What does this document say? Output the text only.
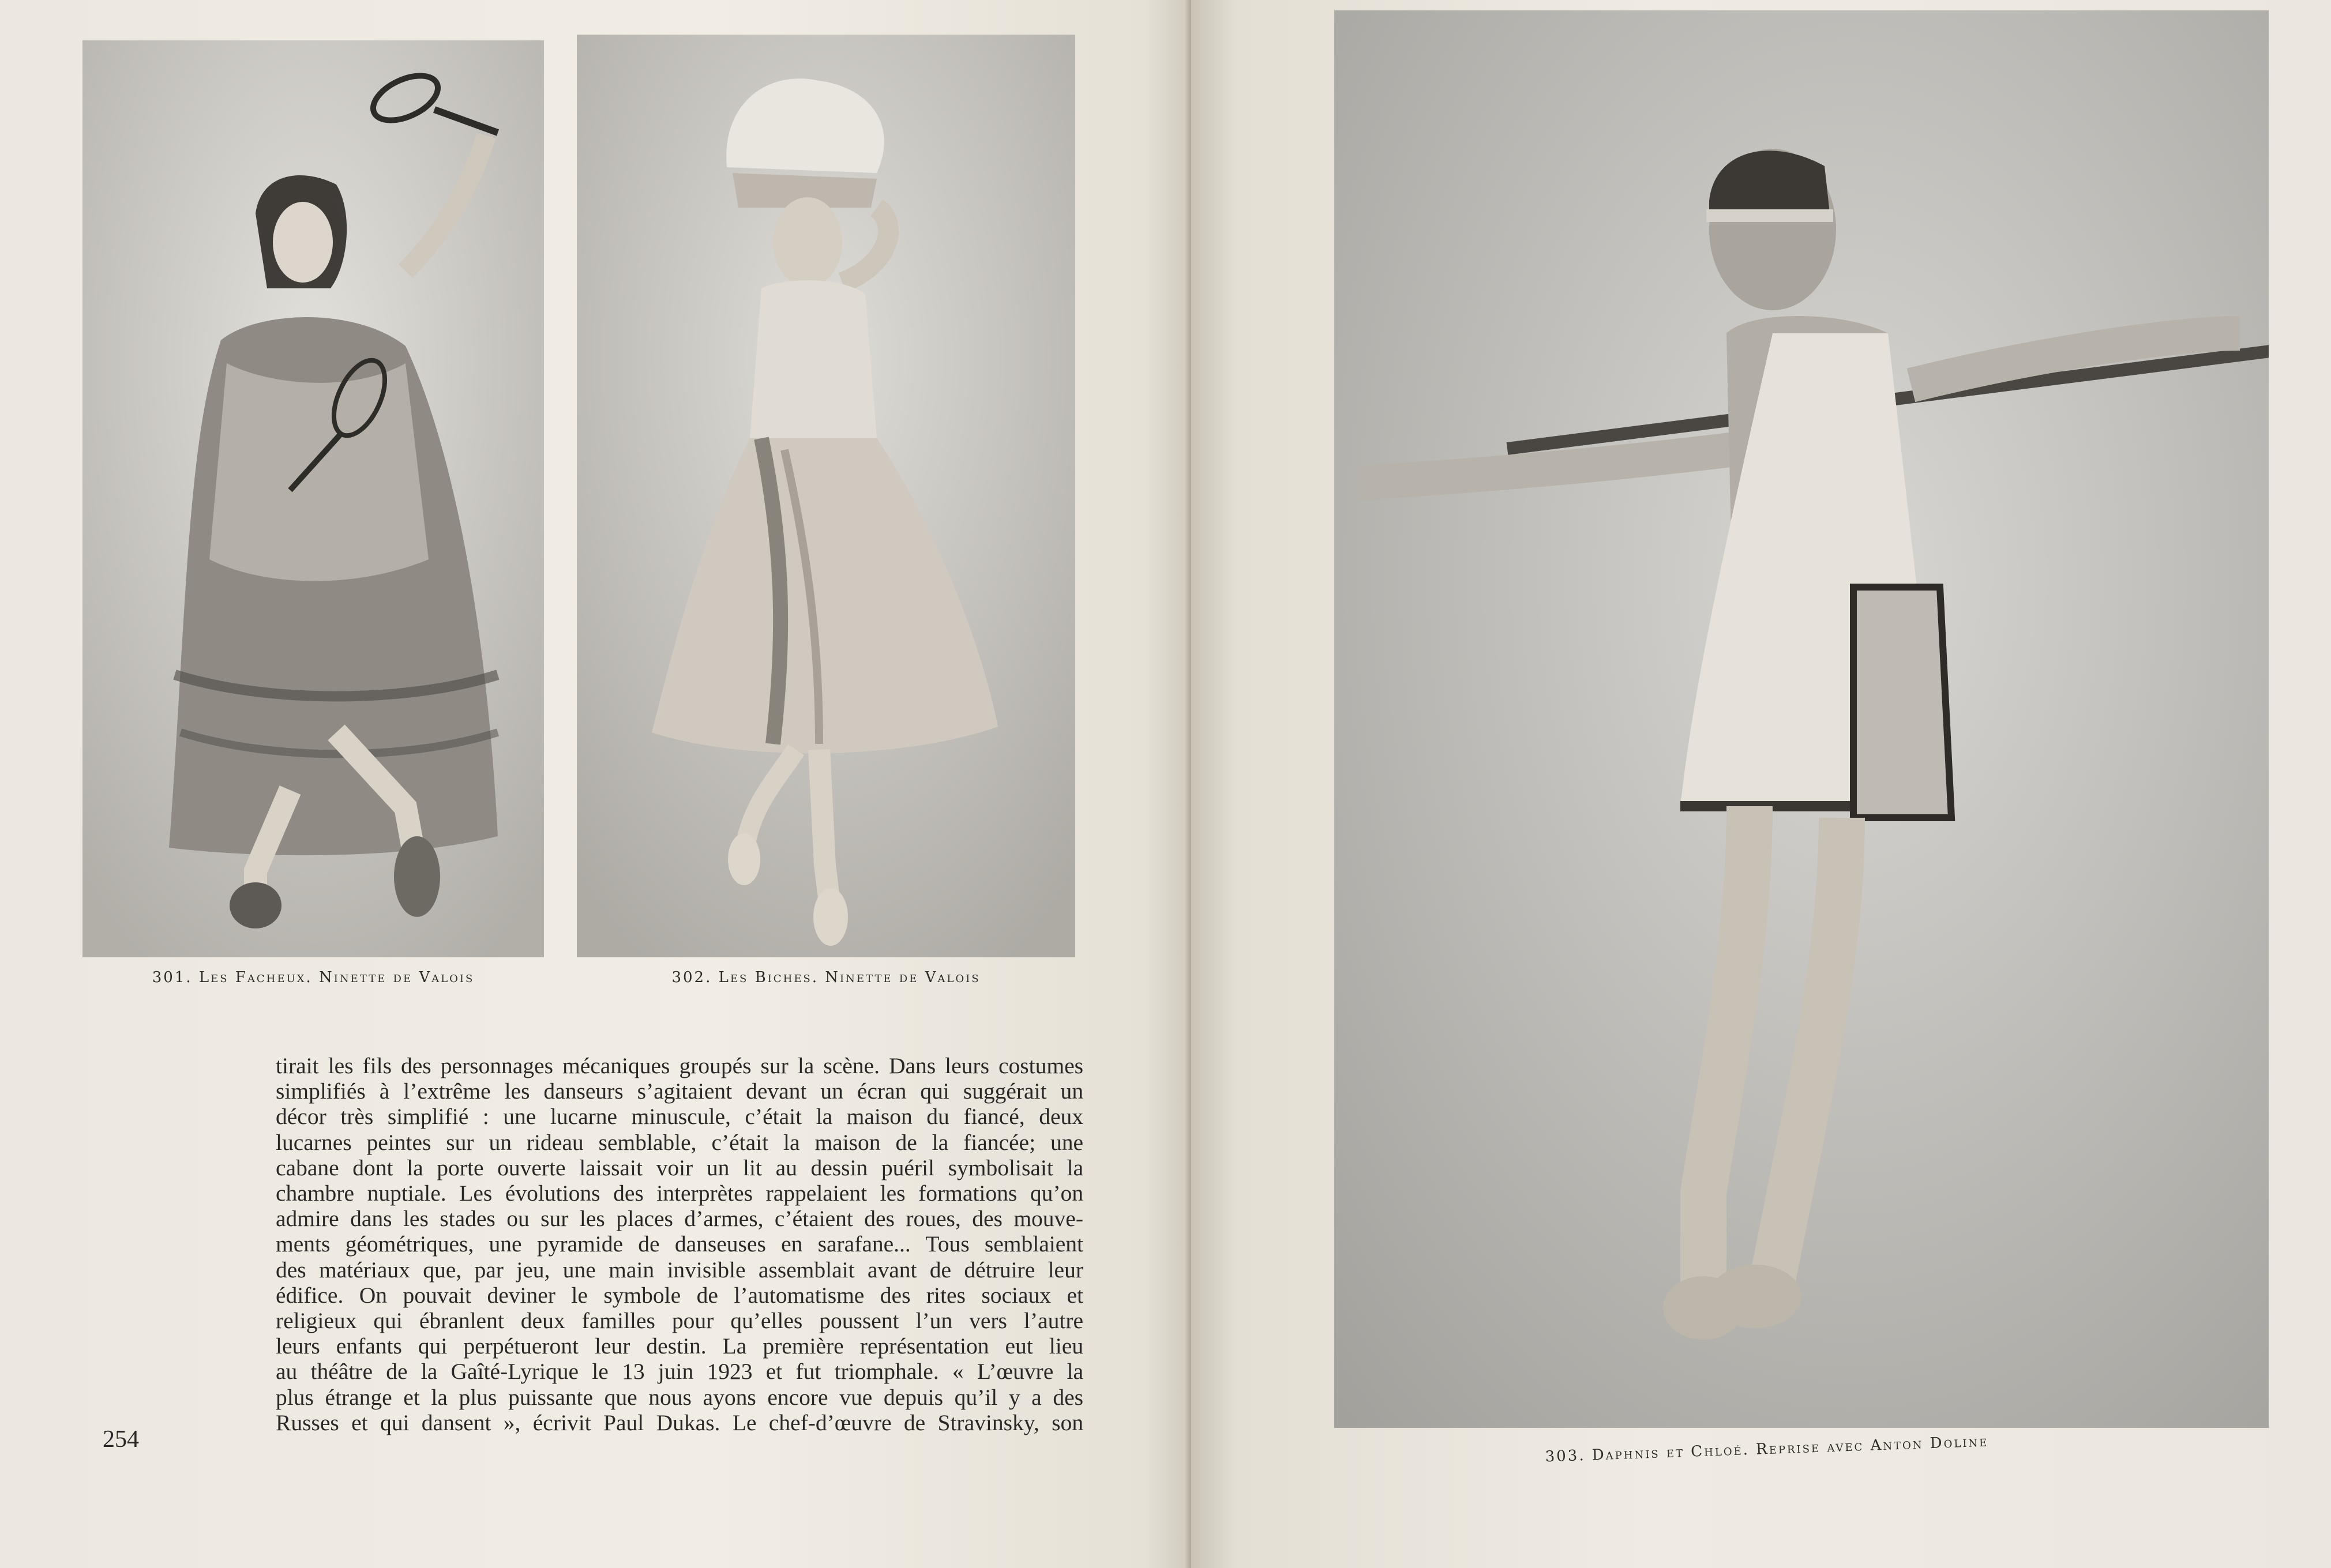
301. Les Facheux. Ninette de Valois	302. Les Biches. Ninette de Valois
tirait les fils des personnages mécaniques groupés sur la scène. Dans leurs costumes
simplifiés à l’extrême les danseurs s’agitaient devant un écran qui suggérait un
décor très simplifié : une lucarne minuscule, c’était la maison du fiancé, deux
lucarnes peintes sur un rideau semblable, c’était la maison de la fiancée; une
cabane dont la porte ouverte laissait voir un lit au dessin puéril symbolisait la
chambre nuptiale. Les évolutions des interprètes rappelaient les formations qu’on
admire dans les stades ou sur les places d’armes, c’étaient des roues, des mouve-
ments géométriques, une pyramide de danseuses en sarafane... Tous semblaient
des matériaux que, par jeu, une main invisible assemblait avant de détruire leur
édifice. On pouvait deviner le symbole de l’automatisme des rites sociaux et
religieux qui ébranlent deux familles pour qu’elles poussent l’un vers l’autre
leurs enfants qui perpétueront leur destin. La première représentation eut lieu
au théâtre de la Gaîté-Lyrique le 13 juin 1923 et fut triomphale. « L’œuvre la
plus étrange et la plus puissante que nous ayons encore vue depuis qu’il y a des
Russes et qui dansent », écrivit Paul Dukas. Le chef-d’œuvre de Stravinsky, son
254	303. Daphnis et Chloé. Reprise avec Anton Doline
